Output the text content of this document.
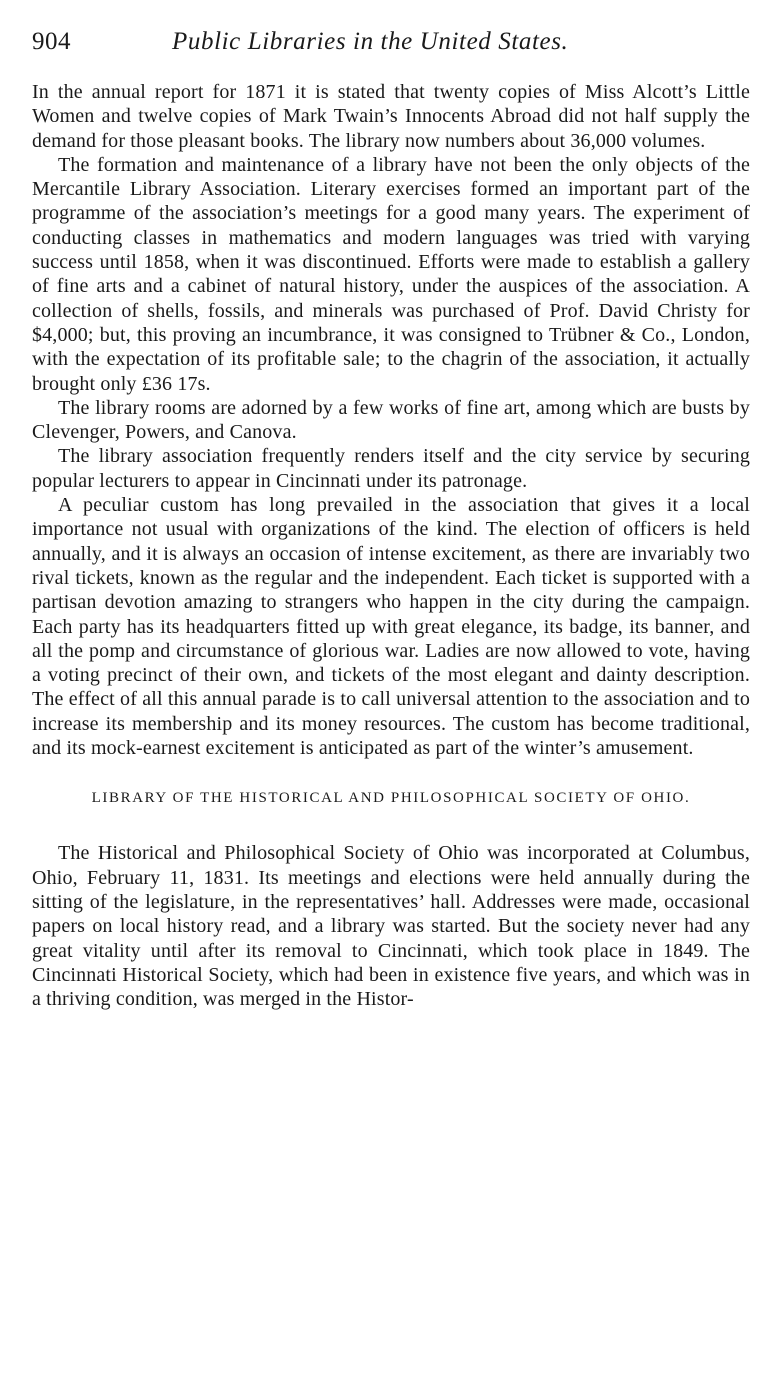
904	Public Libraries in the United States.

In the annual report for 1871 it is stated that twenty copies of Miss Alcott’s Little Women and twelve copies of Mark Twain’s Innocents Abroad did not half supply the demand for those pleasant books. The library now numbers about 36,000 volumes.

The formation and maintenance of a library have not been the only objects of the Mercantile Library Association. Literary exercises formed an important part of the programme of the association’s meetings for a good many years. The experiment of conducting classes in mathematics and modern languages was tried with varying success until 1858, when it was discontinued. Efforts were made to establish a gallery of fine arts and a cabinet of natural history, under the auspices of the association. A collection of shells, fossils, and minerals was purchased of Prof. David Christy for $4,000; but, this proving an incumbrance, it was consigned to Trübner & Co., London, with the expectation of its profitable sale; to the chagrin of the association, it actually brought only £36 17s.

The library rooms are adorned by a few works of fine art, among which are busts by Clevenger, Powers, and Canova.

The library association frequently renders itself and the city service by securing popular lecturers to appear in Cincinnati under its patronage.

A peculiar custom has long prevailed in the association that gives it a local importance not usual with organizations of the kind. The election of officers is held annually, and it is always an occasion of intense excitement, as there are invariably two rival tickets, known as the regular and the independent. Each ticket is supported with a partisan devotion amazing to strangers who happen in the city during the campaign. Each party has its headquarters fitted up with great elegance, its badge, its banner, and all the pomp and circumstance of glorious war. Ladies are now allowed to vote, having a voting precinct of their own, and tickets of the most elegant and dainty description. The effect of all this annual parade is to call universal attention to the association and to increase its membership and its money resources. The custom has become traditional, and its mock-earnest excitement is anticipated as part of the winter’s amusement.

LIBRARY OF THE HISTORICAL AND PHILOSOPHICAL SOCIETY OF OHIO.

The Historical and Philosophical Society of Ohio was incorporated at Columbus, Ohio, February 11, 1831. Its meetings and elections were held annually during the sitting of the legislature, in the representatives’ hall. Addresses were made, occasional papers on local history read, and a library was started. But the society never had any great vitality until after its removal to Cincinnati, which took place in 1849. The Cincinnati Historical Society, which had been in existence five years, and which was in a thriving condition, was merged in the Histor-
